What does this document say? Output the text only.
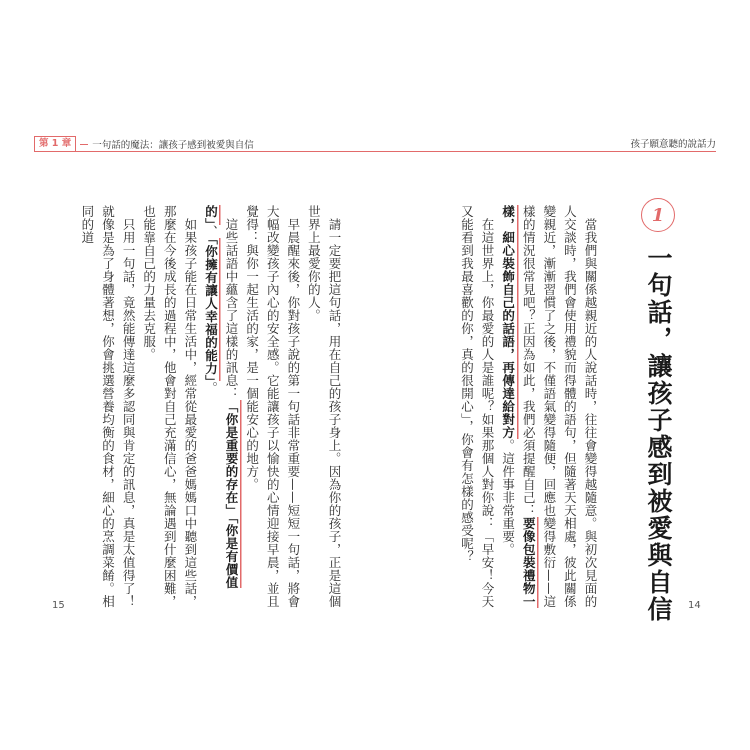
第 1 章	一句話的魔法：讓孩子感到被愛與自信	孩子願意聽的說話力
1
一句話，讓孩子感到被愛與自信

當我們與關係越親近的人說話時，往往會變得越隨意。與初次見面的人交談時，我們會使用禮貌而得體的語句，但隨著天天相處，彼此關係變親近，漸漸習慣了之後，不僅語氣變得隨便，回應也變得敷衍——這樣的情況很常見吧？正因為如此，我們必須提醒自己：要像包裝禮物一樣，細心裝飾自己的話語，再傳達給對方。這件事非常重要。

在這世界上，你最愛的人是誰呢？如果那個人對你說：「早安！今天又能看到我最喜歡的你，真的很開心」，你會有怎樣的感受呢？

請一定要把這句話，用在自己的孩子身上。因為你的孩子，正是這個世界上最愛你的人。

早晨醒來後，你對孩子說的第一句話非常重要——短短一句話，將會大幅改變孩子內心的安全感。它能讓孩子以愉快的心情迎接早晨，並且覺得：與你一起生活的家，是一個能安心的地方。

這些話語中蘊含了這樣的訊息：「你是重要的存在」「你是有價值的」、「你擁有讓人幸福的能力」。

如果孩子能在日常生活中，經常從最愛的爸爸媽媽口中聽到這些話，那麼在今後成長的過程中，他會對自己充滿信心，無論遇到什麼困難，也能靠自己的力量去克服。

只用一句話，竟然能傳達這麼多認同與肯定的訊息，真是太值得了！就像是為了身體著想，你會挑選營養均衡的食材，細心的烹調菜餚。相同的道

15	14
